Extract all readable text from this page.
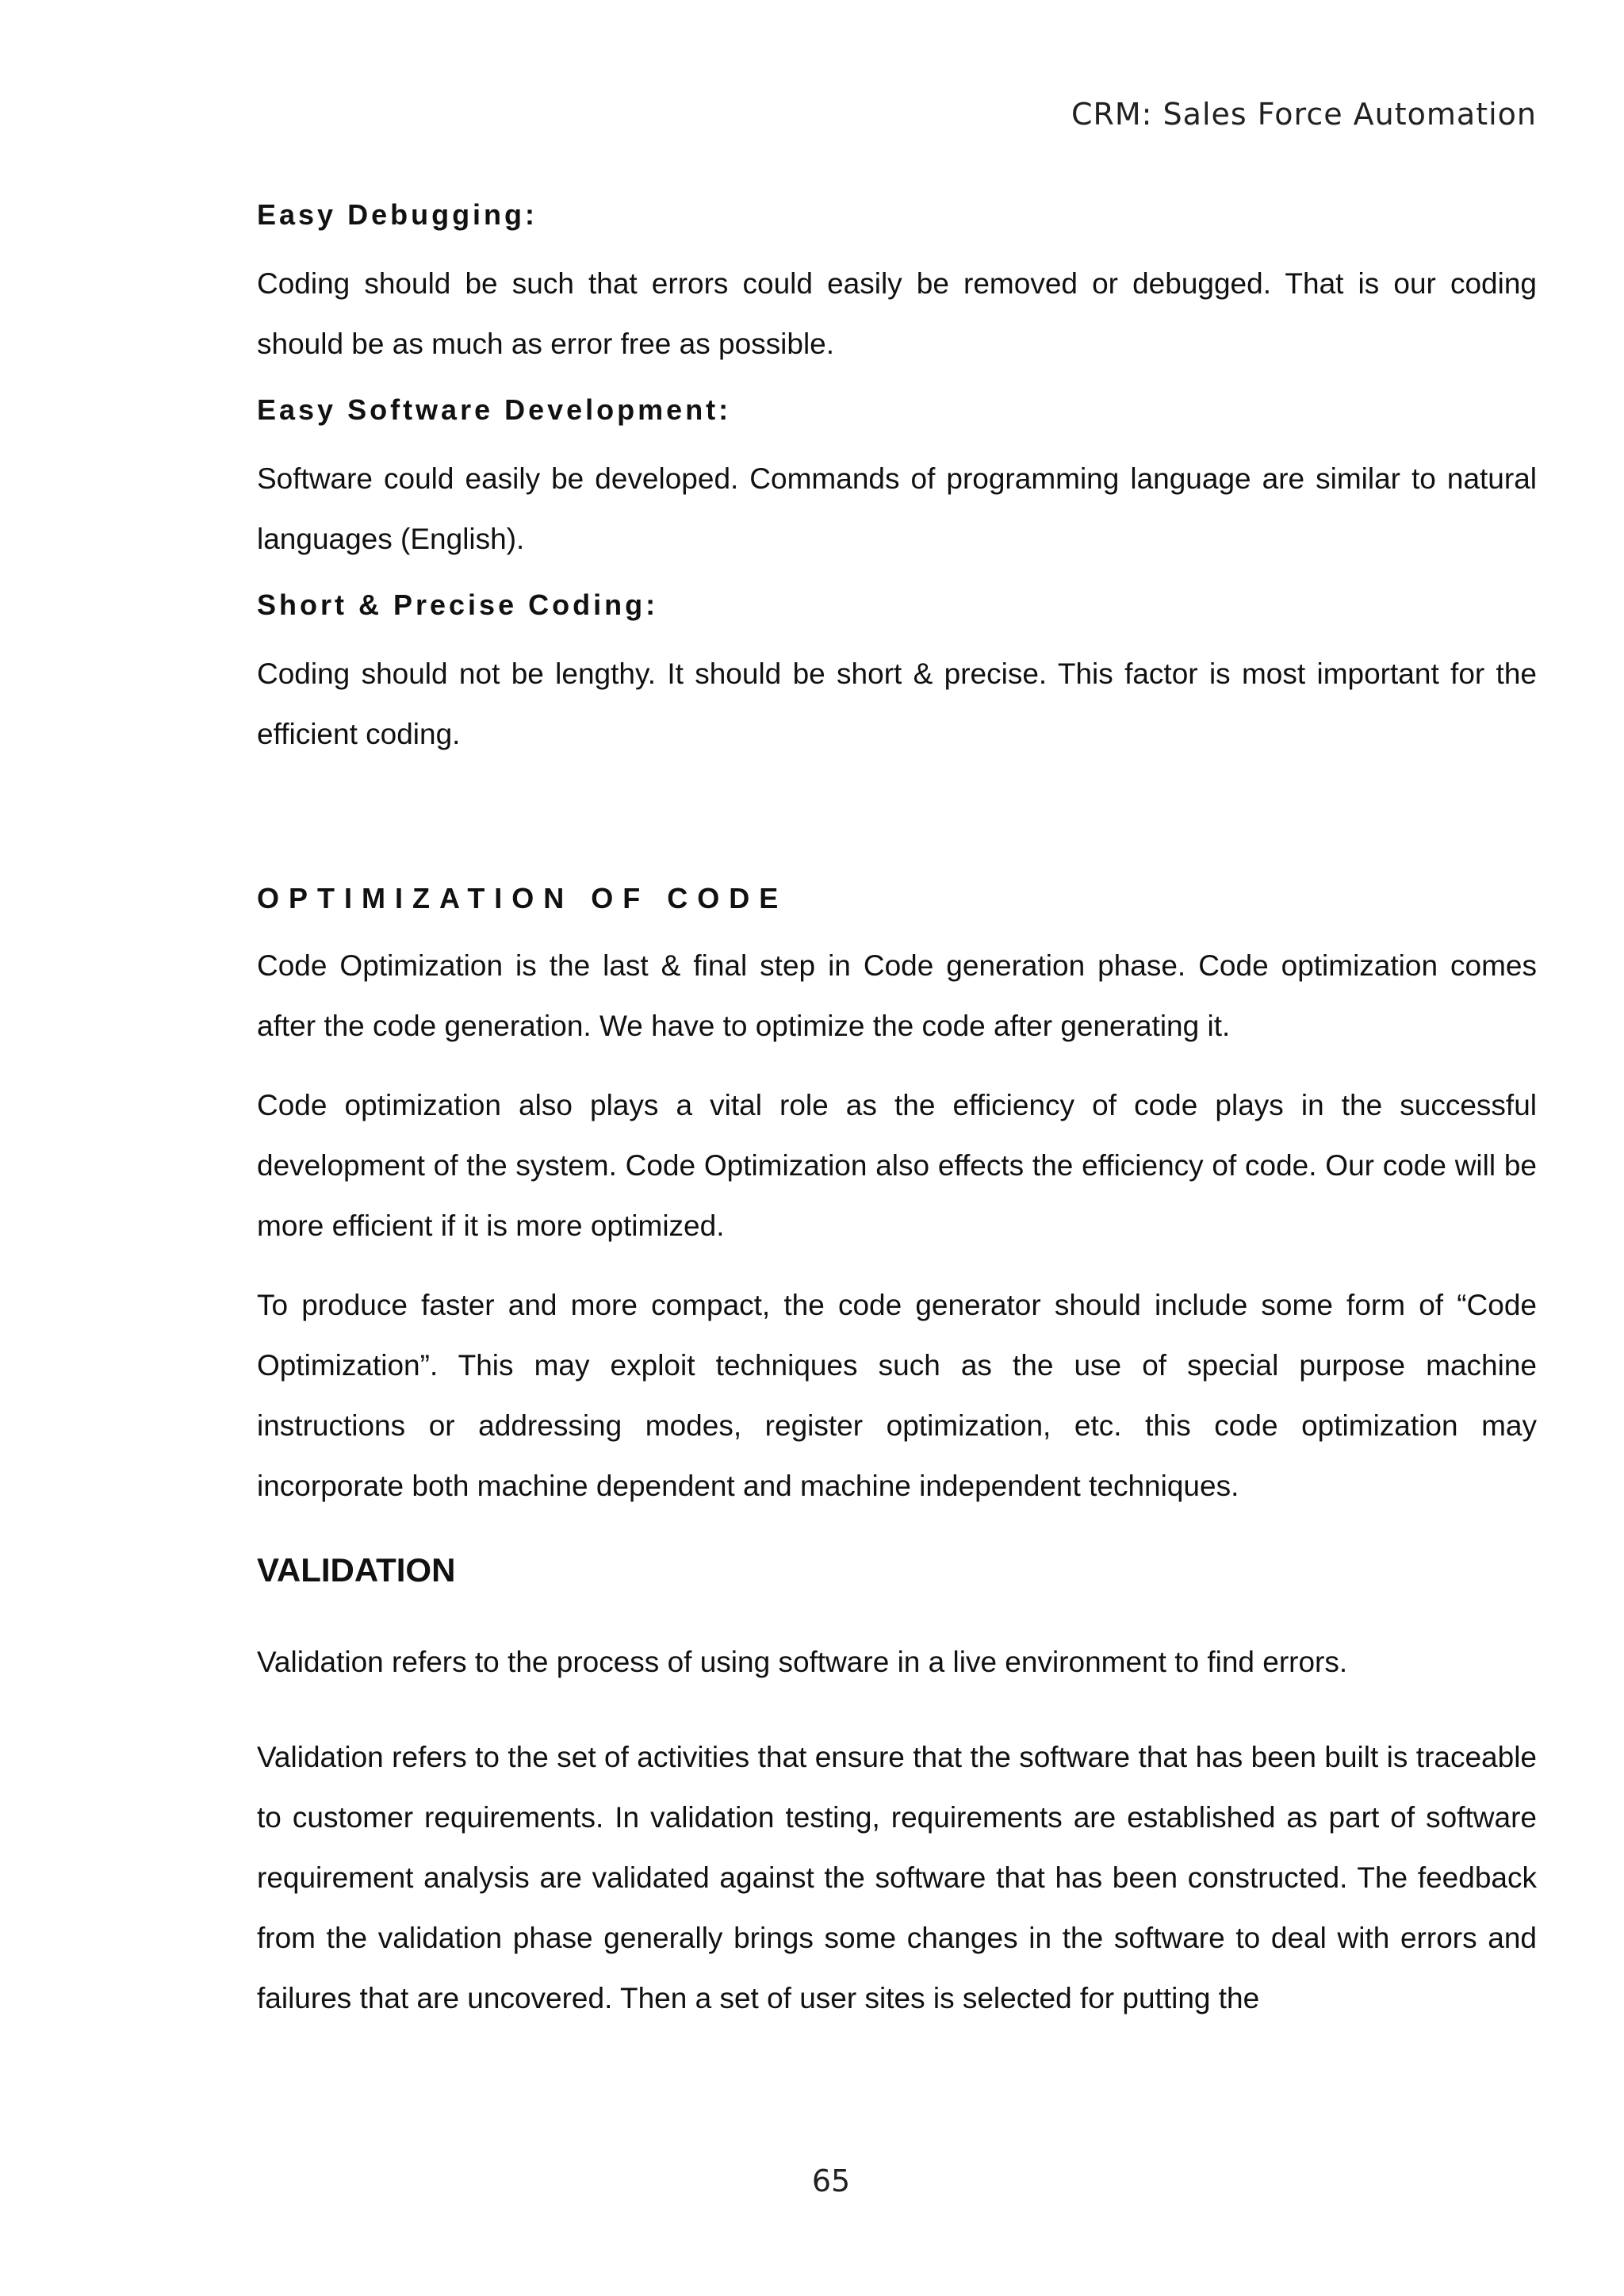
CRM: Sales Force Automation
Easy Debugging:

Coding should be such that errors could easily be removed or debugged. That is our coding should be as much as error free as possible.

Easy Software Development:

Software could easily be developed. Commands of programming language are similar to natural languages (English).

Short & Precise Coding:

Coding should not be lengthy. It should be short & precise. This factor is most important for the efficient coding.

OPTIMIZATION OF CODE

Code Optimization is the last & final step in Code generation phase. Code optimization comes after the code generation. We have to optimize the code after generating it.

Code optimization also plays a vital role as the efficiency of code plays in the successful development of the system. Code Optimization also effects the efficiency of code. Our code will be more efficient if it is more optimized.

To produce faster and more compact, the code generator should include some form of “Code Optimization”. This may exploit techniques such as the use of special purpose machine instructions or addressing modes, register optimization, etc. this code optimization may incorporate both machine dependent and machine independent techniques.

VALIDATION

Validation refers to the process of using software in a live environment to find errors.

Validation refers to the set of activities that ensure that the software that has been built is traceable to customer requirements. In validation testing, requirements are established as part of software requirement analysis are validated against the software that has been constructed. The feedback from the validation phase generally brings some changes in the software to deal with errors and failures that are uncovered. Then a set of user sites is selected for putting the

65
